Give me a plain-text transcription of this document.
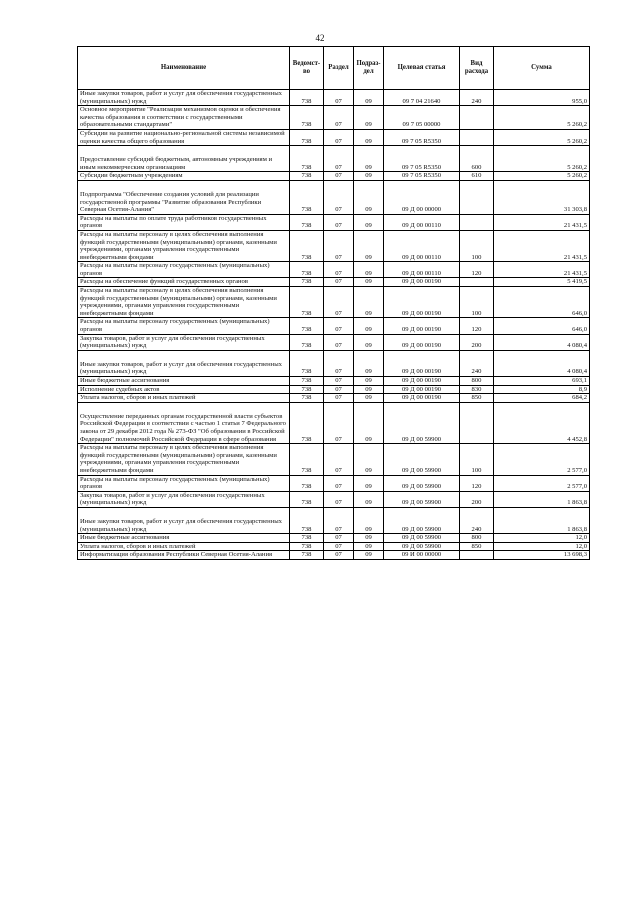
42
Наименование	Ведомст-во	Раздел	Подраз-дел	Целевая статья	Вид расхода	Сумма
Иные закупки товаров, работ и услуг для обеспечения государственных (муниципальных) нужд	738	07	09	09 7 04 21640	240	955,0
Основное мероприятие "Реализация механизмов оценки и обеспечения качества образования в соответствии с государственными образовательными стандартами"	738	07	09	09 7 05 00000		5 260,2
Субсидии на развитие национально-региональной системы независимой оценки качества общего образования	738	07	09	09 7 05 R5350		5 260,2
Предоставление субсидий бюджетным, автономным учреждениям и иным некоммерческим организациям	738	07	09	09 7 05 R5350	600	5 260,2
Субсидии бюджетным учреждениям	738	07	09	09 7 05 R5350	610	5 260,2
Подпрограмма "Обеспечение создания условий для реализации государственной программы "Развитие образования Республики Северная Осетия-Алания"	738	07	09	09 Д 00 00000		31 303,8
Расходы на выплаты по оплате труда работников государственных органов	738	07	09	09 Д 00 00110		21 431,5
Расходы на выплаты персоналу в целях обеспечения выполнения функций государственными (муниципальными) органами, казенными учреждениями, органами управления государственными внебюджетными фондами	738	07	09	09 Д 00 00110	100	21 431,5
Расходы на выплаты персоналу государственных (муниципальных) органов	738	07	09	09 Д 00 00110	120	21 431,5
Расходы на обеспечение функций государственных органов	738	07	09	09 Д 00 00190		5 419,5
Расходы на выплаты персоналу в целях обеспечения выполнения функций государственными (муниципальными) органами, казенными учреждениями, органами управления государственными внебюджетными фондами	738	07	09	09 Д 00 00190	100	646,0
Расходы на выплаты персоналу государственных (муниципальных) органов	738	07	09	09 Д 00 00190	120	646,0
Закупка товаров, работ и услуг для обеспечения государственных (муниципальных) нужд	738	07	09	09 Д 00 00190	200	4 080,4
Иные закупки товаров, работ и услуг для обеспечения государственных (муниципальных) нужд	738	07	09	09 Д 00 00190	240	4 080,4
Иные бюджетные ассигнования	738	07	09	09 Д 00 00190	800	693,1
Исполнение судебных актов	738	07	09	09 Д 00 00190	830	8,9
Уплата налогов, сборов и иных платежей	738	07	09	09 Д 00 00190	850	684,2
Осуществление переданных органам государственной власти субъектов Российской Федерации в соответствии с частью 1 статьи 7 Федерального закона от 29 декабря 2012 года № 273-ФЗ "Об образовании в Российской Федерации" полномочий Российской Федерации в сфере образования	738	07	09	09 Д 00 59900		4 452,8
Расходы на выплаты персоналу в целях обеспечения выполнения функций государственными (муниципальными) органами, казенными учреждениями, органами управления государственными внебюджетными фондами	738	07	09	09 Д 00 59900	100	2 577,0
Расходы на выплаты персоналу государственных (муниципальных) органов	738	07	09	09 Д 00 59900	120	2 577,0
Закупка товаров, работ и услуг для обеспечения государственных (муниципальных) нужд	738	07	09	09 Д 00 59900	200	1 863,8
Иные закупки товаров, работ и услуг для обеспечения государственных (муниципальных) нужд	738	07	09	09 Д 00 59900	240	1 863,8
Иные бюджетные ассигнования	738	07	09	09 Д 00 59900	800	12,0
Уплата налогов, сборов и иных платежей	738	07	09	09 Д 00 59900	850	12,0
Информатизация образования Республики Северная Осетия-Алания	738	07	09	09 И 00 00000		13 698,3
